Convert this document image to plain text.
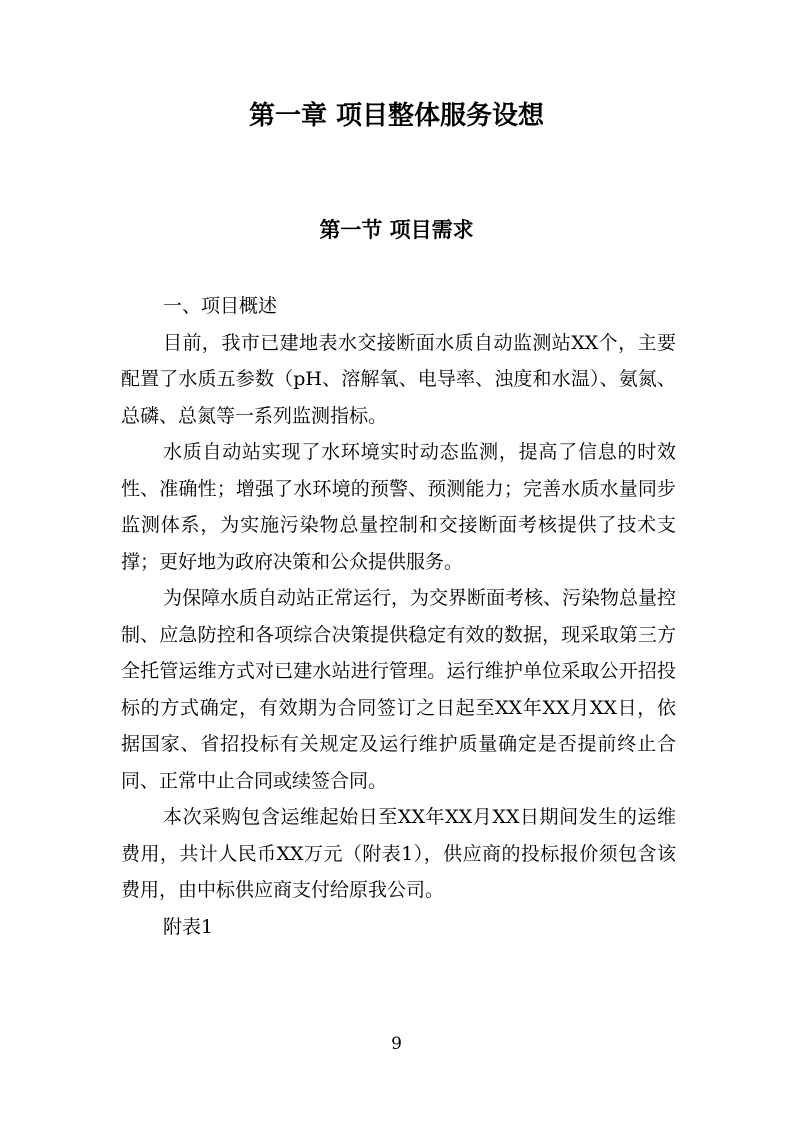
第一章 项目整体服务设想
第一节 项目需求

一、项目概述

目前，我市已建地表水交接断面水质自动监测站XX个，主要配置了水质五参数（pH、溶解氧、电导率、浊度和水温）、氨氮、总磷、总氮等一系列监测指标。

水质自动站实现了水环境实时动态监测，提高了信息的时效性、准确性；增强了水环境的预警、预测能力；完善水质水量同步监测体系，为实施污染物总量控制和交接断面考核提供了技术支撑；更好地为政府决策和公众提供服务。

为保障水质自动站正常运行，为交界断面考核、污染物总量控制、应急防控和各项综合决策提供稳定有效的数据，现采取第三方全托管运维方式对已建水站进行管理。运行维护单位采取公开招投标的方式确定，有效期为合同签订之日起至XX年XX月XX日，依据国家、省招投标有关规定及运行维护质量确定是否提前终止合同、正常中止合同或续签合同。

本次采购包含运维起始日至XX年XX月XX日期间发生的运维费用，共计人民币XX万元（附表1），供应商的投标报价须包含该费用，由中标供应商支付给原我公司。

附表1

9
